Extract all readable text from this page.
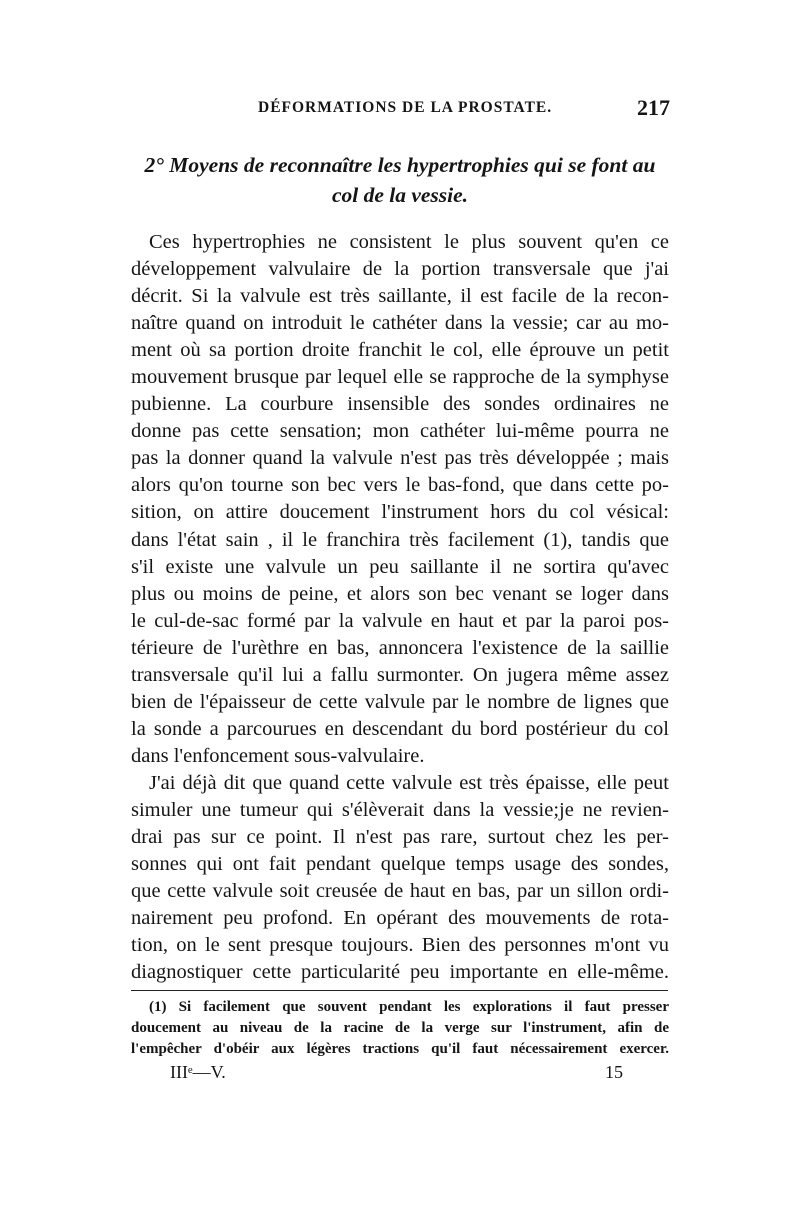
DÉFORMATIONS DE LA PROSTATE.	217
2° Moyens de reconnaître les hypertrophies qui se font au
col de la vessie.
Ces hypertrophies ne consistent le plus souvent qu'en ce
développement valvulaire de la portion transversale que j'ai
décrit. Si la valvule est très saillante, il est facile de la recon-
naître quand on introduit le cathéter dans la vessie; car au mo-
ment où sa portion droite franchit le col, elle éprouve un petit
mouvement brusque par lequel elle se rapproche de la symphyse
pubienne. La courbure insensible des sondes ordinaires ne
donne pas cette sensation; mon cathéter lui-même pourra ne
pas la donner quand la valvule n'est pas très développée ; mais
alors qu'on tourne son bec vers le bas-fond, que dans cette po-
sition, on attire doucement l'instrument hors du col vésical:
dans l'état sain , il le franchira très facilement (1), tandis que
s'il existe une valvule un peu saillante il ne sortira qu'avec
plus ou moins de peine, et alors son bec venant se loger dans
le cul-de-sac formé par la valvule en haut et par la paroi pos-
térieure de l'urèthre en bas, annoncera l'existence de la saillie
transversale qu'il lui a fallu surmonter. On jugera même assez
bien de l'épaisseur de cette valvule par le nombre de lignes que
la sonde a parcourues en descendant du bord postérieur du col
dans l'enfoncement sous-valvulaire.
J'ai déjà dit que quand cette valvule est très épaisse, elle peut
simuler une tumeur qui s'élèverait dans la vessie;je ne revien-
drai pas sur ce point. Il n'est pas rare, surtout chez les per-
sonnes qui ont fait pendant quelque temps usage des sondes,
que cette valvule soit creusée de haut en bas, par un sillon ordi-
nairement peu profond. En opérant des mouvements de rota-
tion, on le sent presque toujours. Bien des personnes m'ont vu
diagnostiquer cette particularité peu importante en elle-même.
(1) Si facilement que souvent pendant les explorations il faut presser
doucement au niveau de la racine de la verge sur l'instrument, afin de
l'empêcher d'obéir aux légères tractions qu'il faut nécessairement exercer.
IIIᵉ—V.	15
